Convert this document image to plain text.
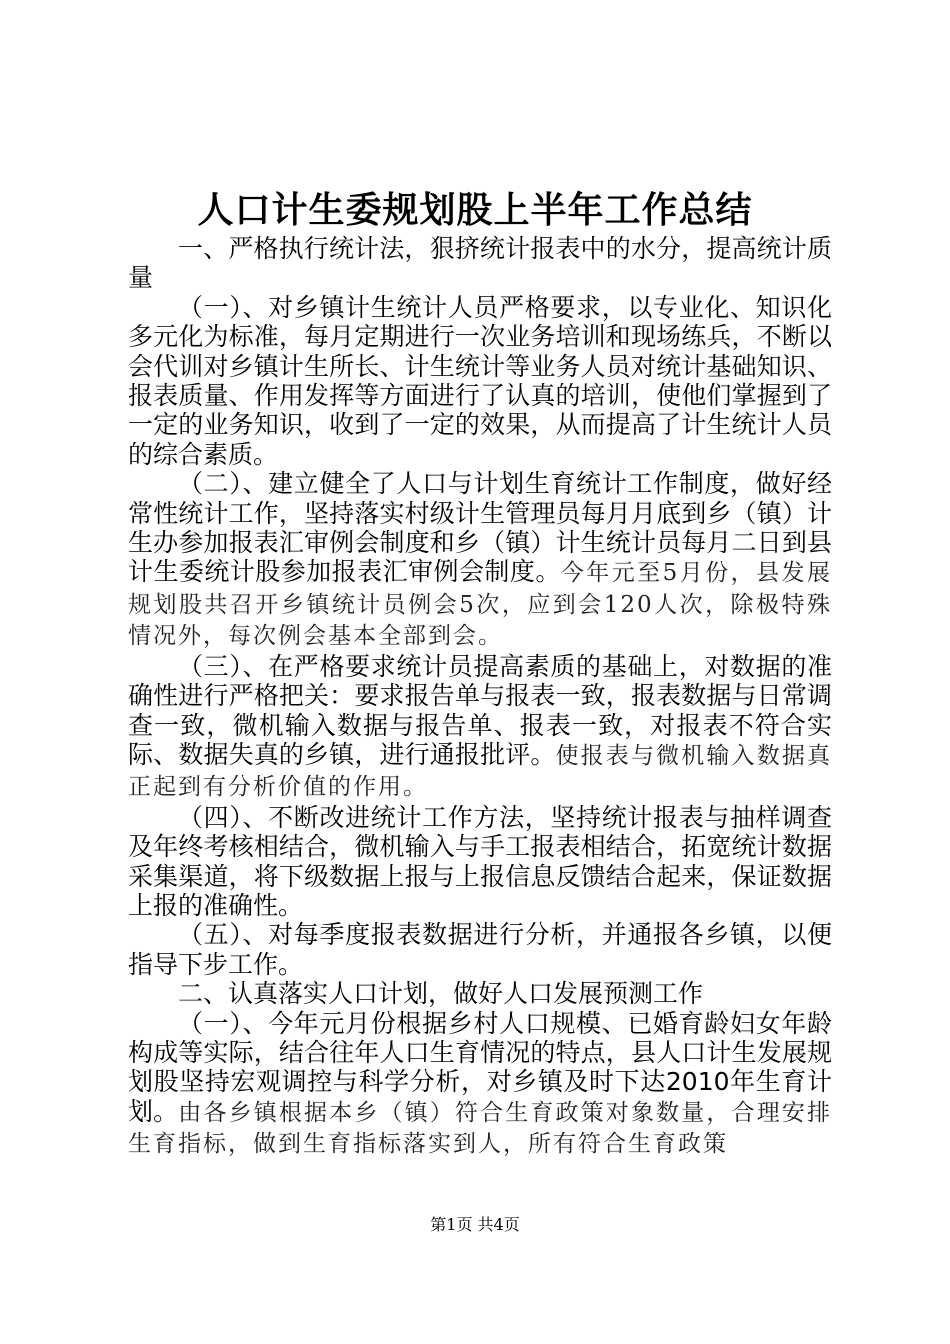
人口计生委规划股上半年工作总结

一、严格执行统计法，狠挤统计报表中的水分，提高统计质量

（一）、对乡镇计生统计人员严格要求，以专业化、知识化多元化为标准，每月定期进行一次业务培训和现场练兵，不断以会代训对乡镇计生所长、计生统计等业务人员对统计基础知识、报表质量、作用发挥等方面进行了认真的培训，使他们掌握到了一定的业务知识，收到了一定的效果，从而提高了计生统计人员的综合素质。

（二）、建立健全了人口与计划生育统计工作制度，做好经常性统计工作，坚持落实村级计生管理员每月月底到乡（镇）计生办参加报表汇审例会制度和乡（镇）计生统计员每月二日到县计生委统计股参加报表汇审例会制度。今年元至5月份，县发展规划股共召开乡镇统计员例会5次，应到会120人次，除极特殊情况外，每次例会基本全部到会。

（三）、在严格要求统计员提高素质的基础上，对数据的准确性进行严格把关：要求报告单与报表一致，报表数据与日常调查一致，微机输入数据与报告单、报表一致，对报表不符合实际、数据失真的乡镇，进行通报批评。使报表与微机输入数据真正起到有分析价值的作用。

（四）、不断改进统计工作方法，坚持统计报表与抽样调查及年终考核相结合，微机输入与手工报表相结合，拓宽统计数据采集渠道，将下级数据上报与上报信息反馈结合起来，保证数据上报的准确性。

（五）、对每季度报表数据进行分析，并通报各乡镇，以便指导下步工作。

二、认真落实人口计划，做好人口发展预测工作

（一）、今年元月份根据乡村人口规模、已婚育龄妇女年龄构成等实际，结合往年人口生育情况的特点，县人口计生发展规划股坚持宏观调控与科学分析，对乡镇及时下达2010年生育计划。由各乡镇根据本乡（镇）符合生育政策对象数量，合理安排生育指标，做到生育指标落实到人，所有符合生育政策

第1页 共4页
